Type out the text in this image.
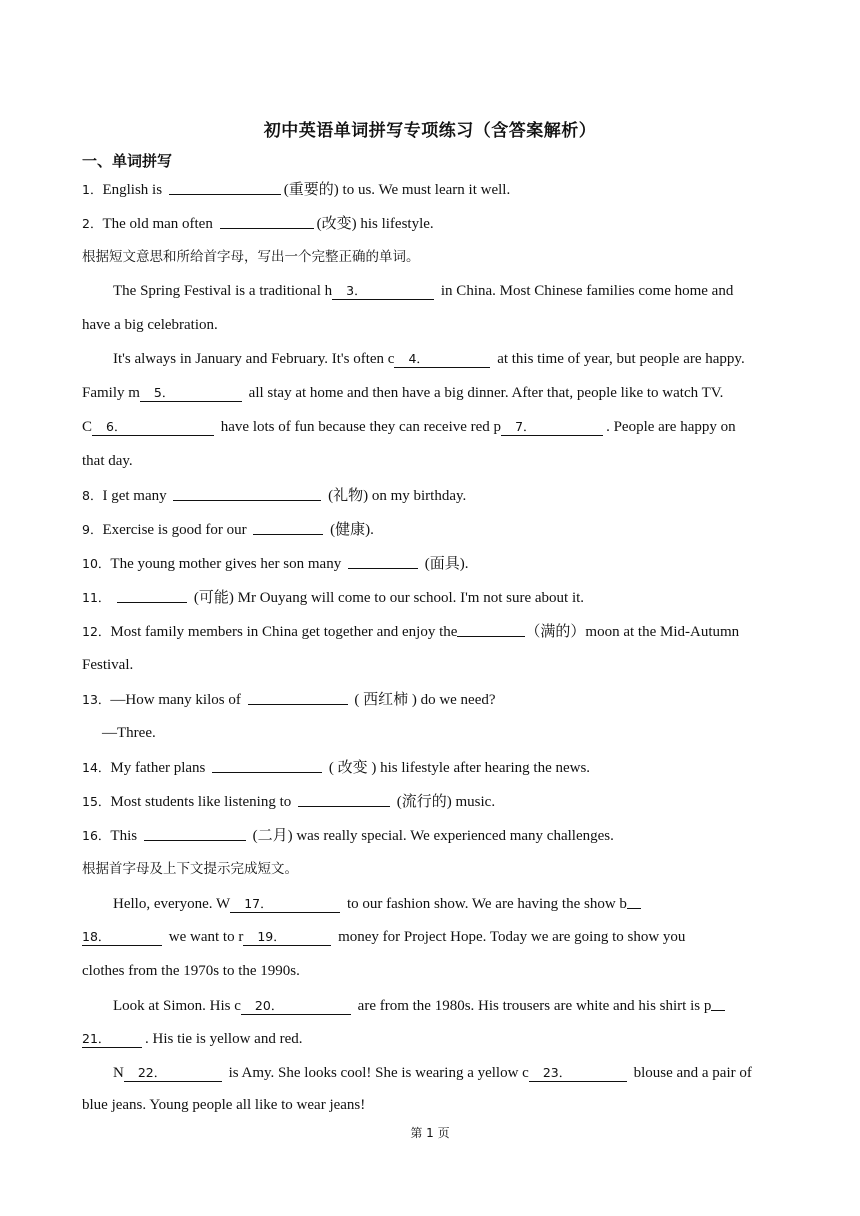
初中英语单词拼写专项练习（含答案解析）
一、单词拼写
1．English is	(重要的) to us. We must learn it well.
2．The old man often	(改变) his lifestyle.
根据短文意思和所给首字母，写出一个完整正确的单词。
The Spring Festival is a traditional h 3．	in China. Most Chinese families come home and
have a big celebration.
It's always in January and February. It's often c 4．	at this time of year, but people are happy.
Family m 5．	all stay at home and then have a big dinner. After that, people like to watch TV.
C 6．	have lots of fun because they can receive red p 7．	. People are happy on
that day.
8．I get many	(礼物) on my birthday.
9．Exercise is good for our	(健康).
10．The young mother gives her son many	(面具).
11．	(可能) Mr Ouyang will come to our school. I'm not sure about it.
12．Most family members in China get together and enjoy the	（满的）moon at the Mid-Autumn
Festival.
13．—How many kilos of	( 西红柿 ) do we need?
—Three.
14．My father plans	( 改变 ) his lifestyle after hearing the news.
15．Most students like listening to	(流行的) music.
16．This	(二月) was really special. We experienced many challenges.
根据首字母及上下文提示完成短文。
Hello, everyone. W 17．	to our fashion show. We are having the show b
18．	we want to r 19．	money for Project Hope. Today we are going to show you
clothes from the 1970s to the 1990s.
Look at Simon. His c 20．	are from the 1980s. His trousers are white and his shirt is p
21． . His tie is yellow and red.
N 22．	is Amy. She looks cool! She is wearing a yellow c 23．	blouse and a pair of
blue jeans. Young people all like to wear jeans!
第 1 页
